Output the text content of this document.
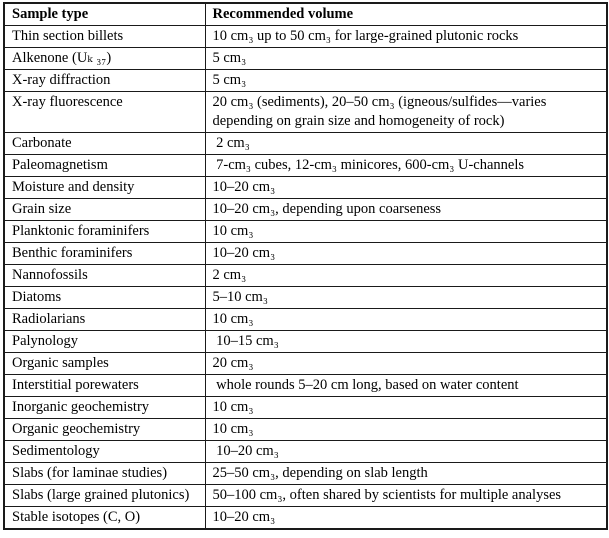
Sample type	Recommended volume
Thin section billets	10 cm₃ up to 50 cm₃ for large-grained plutonic rocks
Alkenone (Uₖ ₃₇)	5 cm₃
X-ray diffraction	5 cm₃
X-ray fluorescence	20 cm₃ (sediments), 20–50 cm₃ (igneous/sulfides—varies depending on grain size and homogeneity of rock)
Carbonate	2 cm₃
Paleomagnetism	7-cm₃ cubes, 12-cm₃ minicores, 600-cm₃ U-channels
Moisture and density	10–20 cm₃
Grain size	10–20 cm₃, depending upon coarseness
Planktonic foraminifers	10 cm₃
Benthic foraminifers	10–20 cm₃
Nannofossils	2 cm₃
Diatoms	5–10 cm₃
Radiolarians	10 cm₃
Palynology	10–15 cm₃
Organic samples	20 cm₃
Interstitial porewaters	whole rounds 5–20 cm long, based on water content
Inorganic geochemistry	10 cm₃
Organic geochemistry	10 cm₃
Sedimentology	10–20 cm₃
Slabs (for laminae studies)	25–50 cm₃, depending on slab length
Slabs (large grained plutonics)	50–100 cm₃, often shared by scientists for multiple analyses
Stable isotopes (C, O)	10–20 cm₃
